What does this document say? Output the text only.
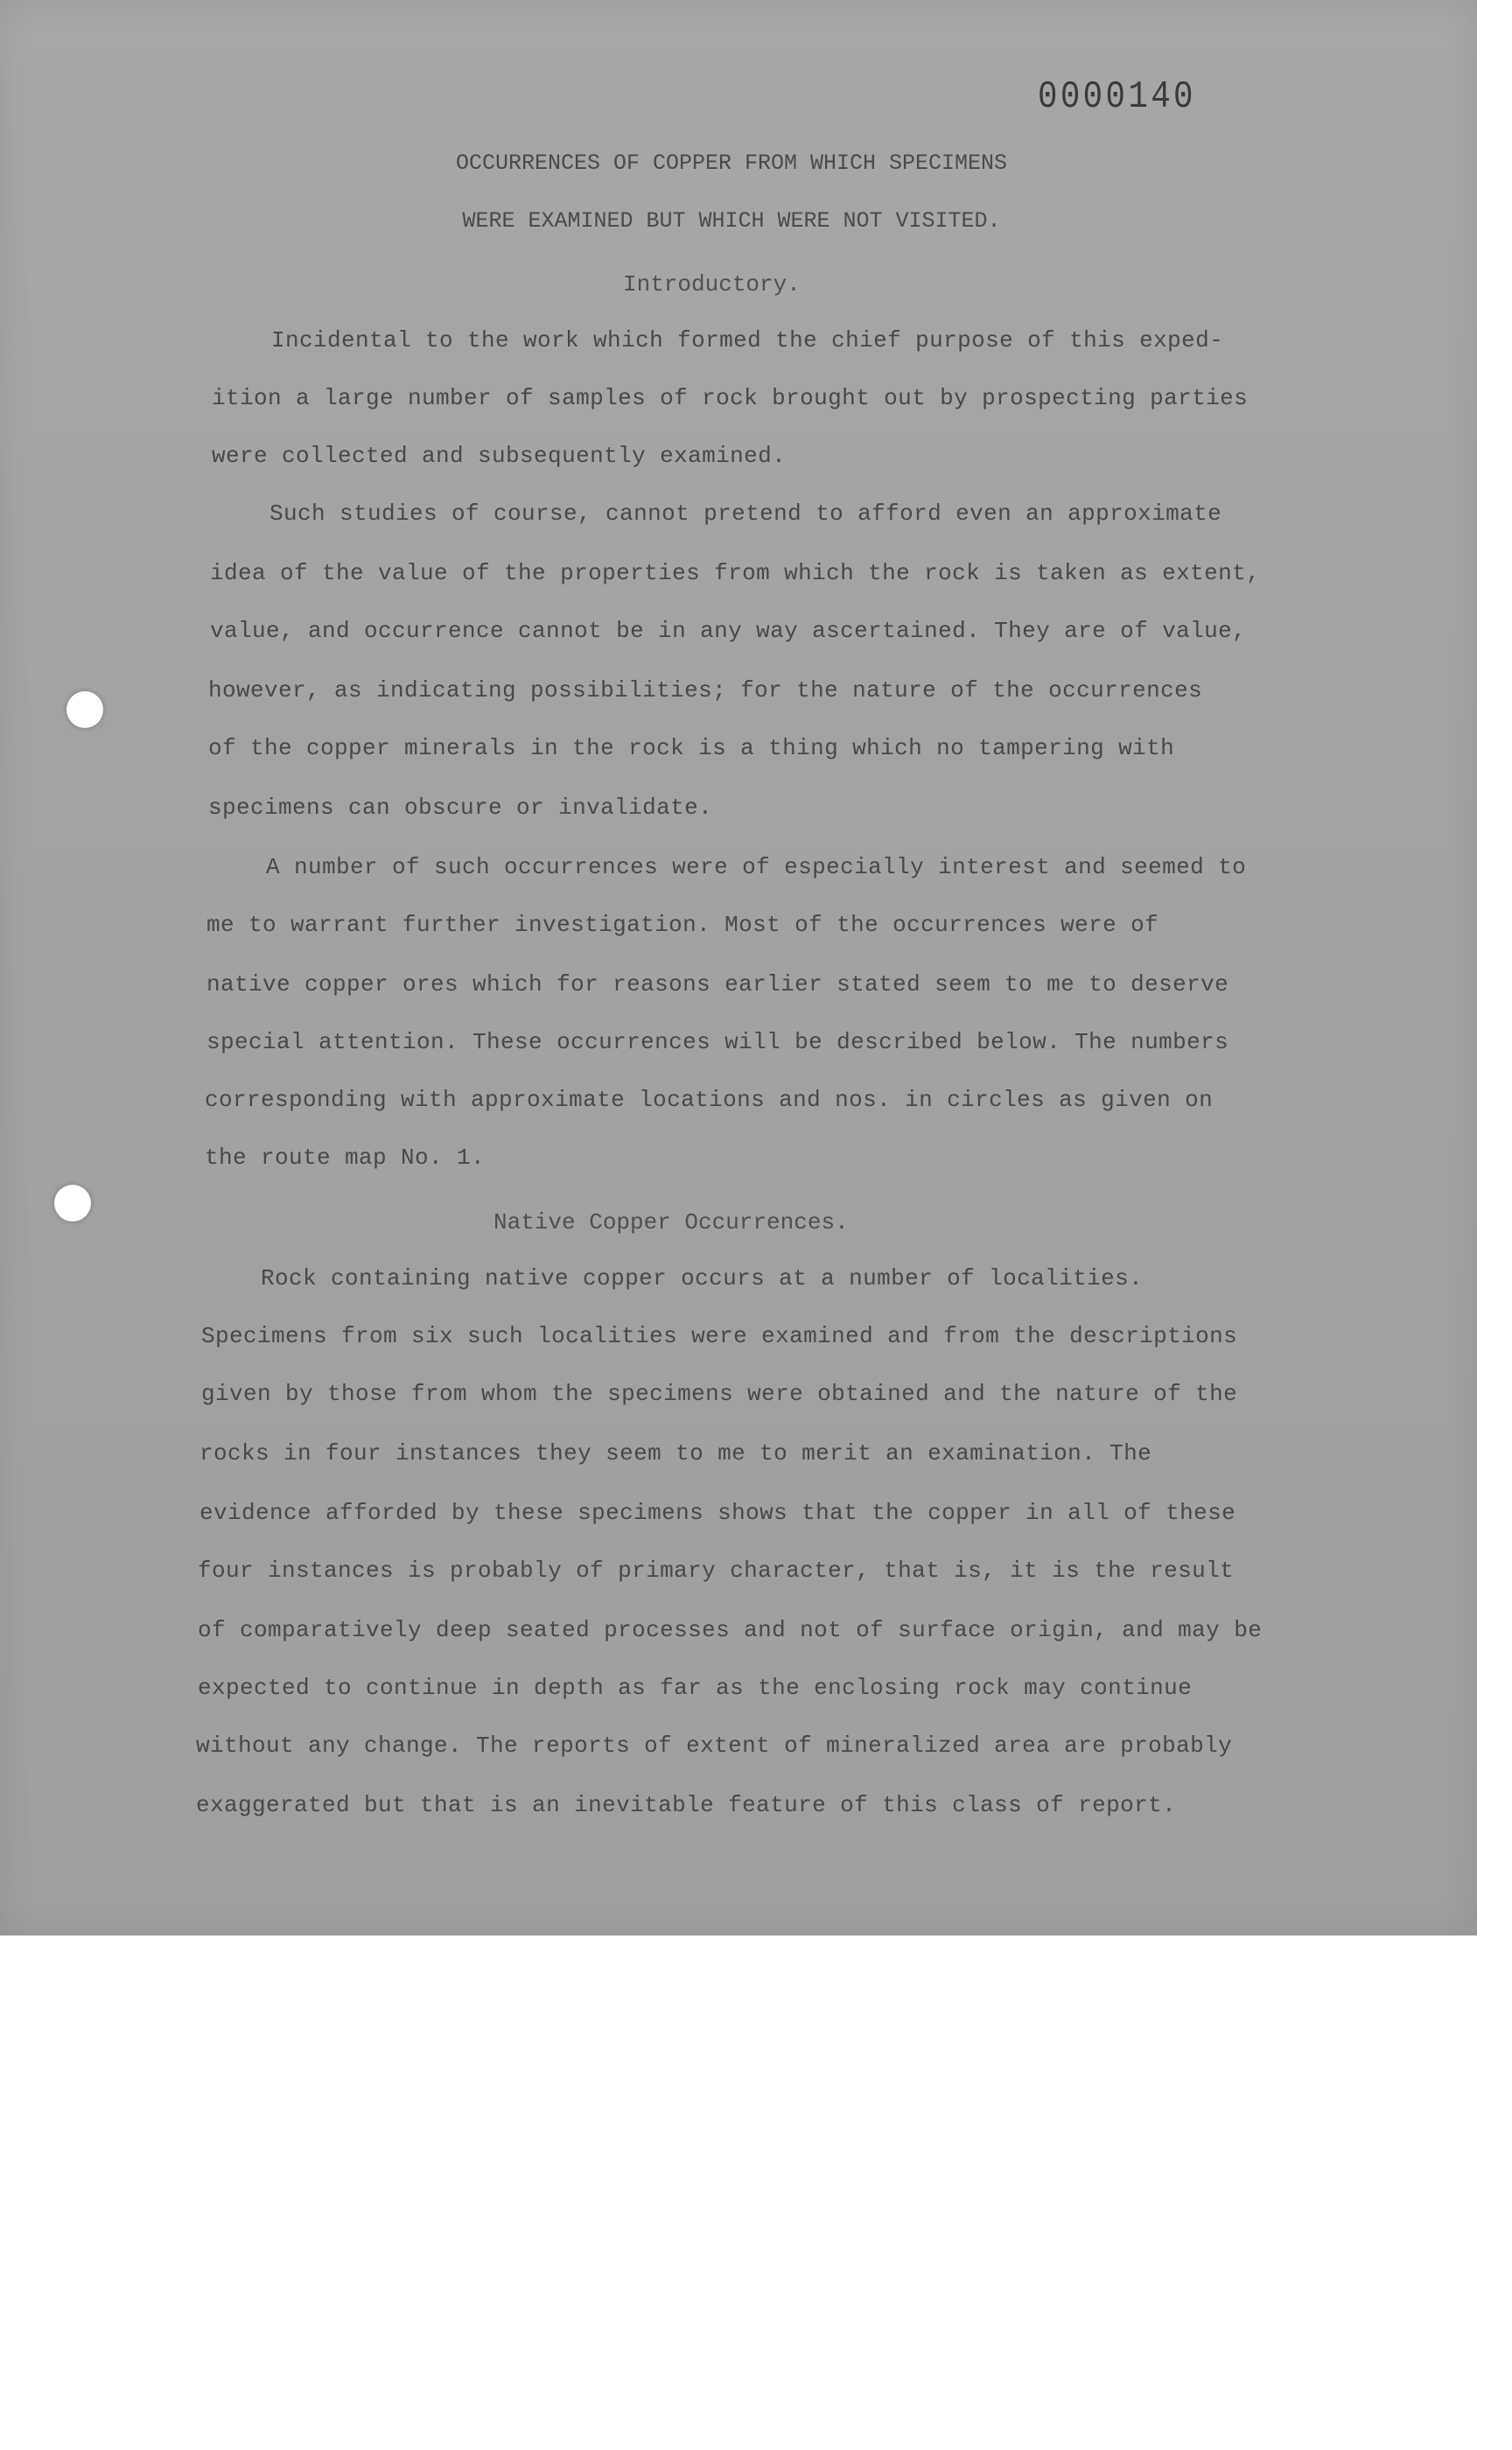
0000140
OCCURRENCES OF COPPER FROM WHICH SPECIMENS
WERE EXAMINED BUT WHICH WERE NOT VISITED.
Introductory.
Incidental to the work which formed the chief purpose of this exped-
ition a large number of samples of rock brought out by prospecting parties
were collected and subsequently examined.
Such studies of course, cannot pretend to afford even an approximate
idea of the value of the properties from which the rock is taken as extent,
value, and occurrence cannot be in any way ascertained. They are of value,
however, as indicating possibilities; for the nature of the occurrences
of the copper minerals in the rock is a thing which no tampering with
specimens can obscure or invalidate.
A number of such occurrences were of especially interest and seemed to
me to warrant further investigation. Most of the occurrences were of
native copper ores which for reasons earlier stated seem to me to deserve
special attention. These occurrences will be described below. The numbers
corresponding with approximate locations and nos. in circles as given on
the route map No. 1.
Native Copper Occurrences.
Rock containing native copper occurs at a number of localities.
Specimens from six such localities were examined and from the descriptions
given by those from whom the specimens were obtained and the nature of the
rocks in four instances they seem to me to merit an examination. The
evidence afforded by these specimens shows that the copper in all of these
four instances is probably of primary character, that is, it is the result
of comparatively deep seated processes and not of surface origin, and may be
expected to continue in depth as far as the enclosing rock may continue
without any change. The reports of extent of mineralized area are probably
exaggerated but that is an inevitable feature of this class of report.
